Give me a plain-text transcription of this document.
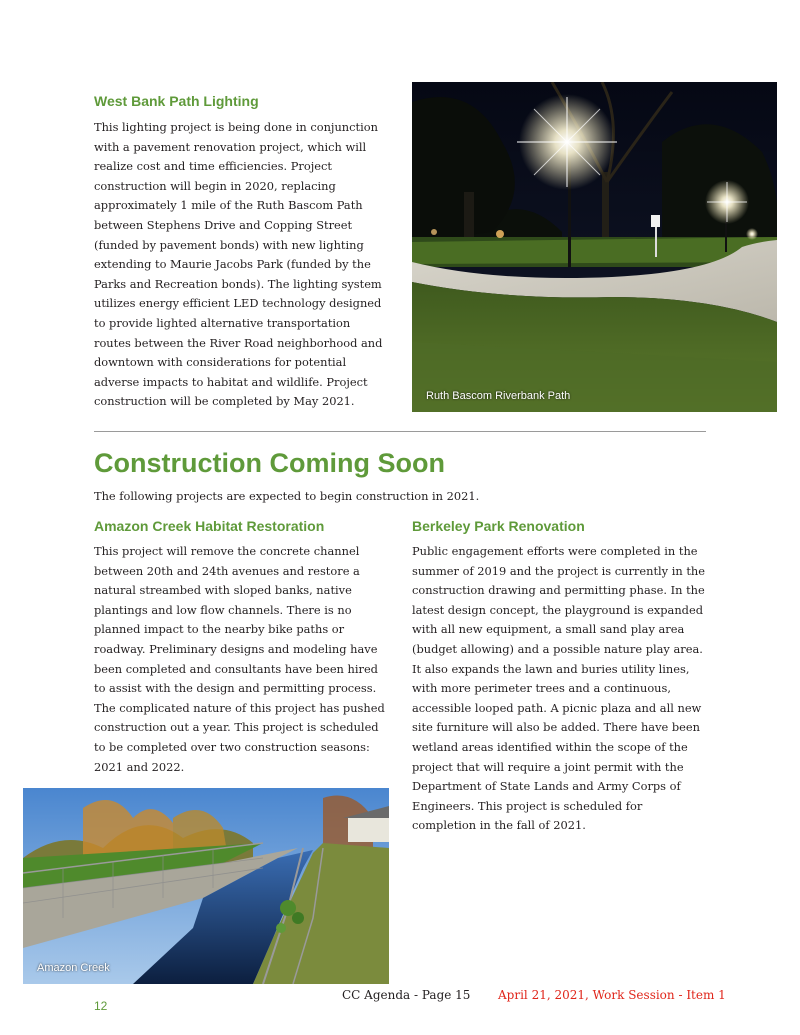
West Bank Path Lighting
This lighting project is being done in conjunction with a pavement renovation project, which will realize cost and time efficiencies. Project construction will begin in 2020, replacing approximately 1 mile of the Ruth Bascom Path between Stephens Drive and Copping Street (funded by pavement bonds) with new lighting extending to Maurie Jacobs Park (funded by the Parks and Recreation bonds). The lighting system utilizes energy efficient LED technology designed to provide lighted alternative transportation routes between the River Road neighborhood and downtown with considerations for potential adverse impacts to habitat and wildlife. Project construction will be completed by May 2021.	Ruth Bascom Riverbank Path
Construction Coming Soon
The following projects are expected to begin construction in 2021.
Amazon Creek Habitat Restoration
This project will remove the concrete channel between 20th and 24th avenues and restore a natural streambed with sloped banks, native plantings and low flow channels. There is no planned impact to the nearby bike paths or roadway. Preliminary designs and modeling have been completed and consultants have been hired to assist with the design and permitting process. The complicated nature of this project has pushed construction out a year. This project is scheduled to be completed over two construction seasons: 2021 and 2022.
Berkeley Park Renovation
Public engagement efforts were completed in the summer of 2019 and the project is currently in the construction drawing and permitting phase. In the latest design concept, the playground is expanded with all new equipment, a small sand play area (budget allowing) and a possible nature play area. It also expands the lawn and buries utility lines, with more perimeter trees and a continuous, accessible looped path. A picnic plaza and all new site furniture will also be added. There have been wetland areas identified within the scope of the project that will require a joint permit with the Department of State Lands and Army Corps of Engineers. This project is scheduled for completion in the fall of 2021.
Amazon Creek
12
CC Agenda - Page 15 April 21, 2021, Work Session - Item 1
